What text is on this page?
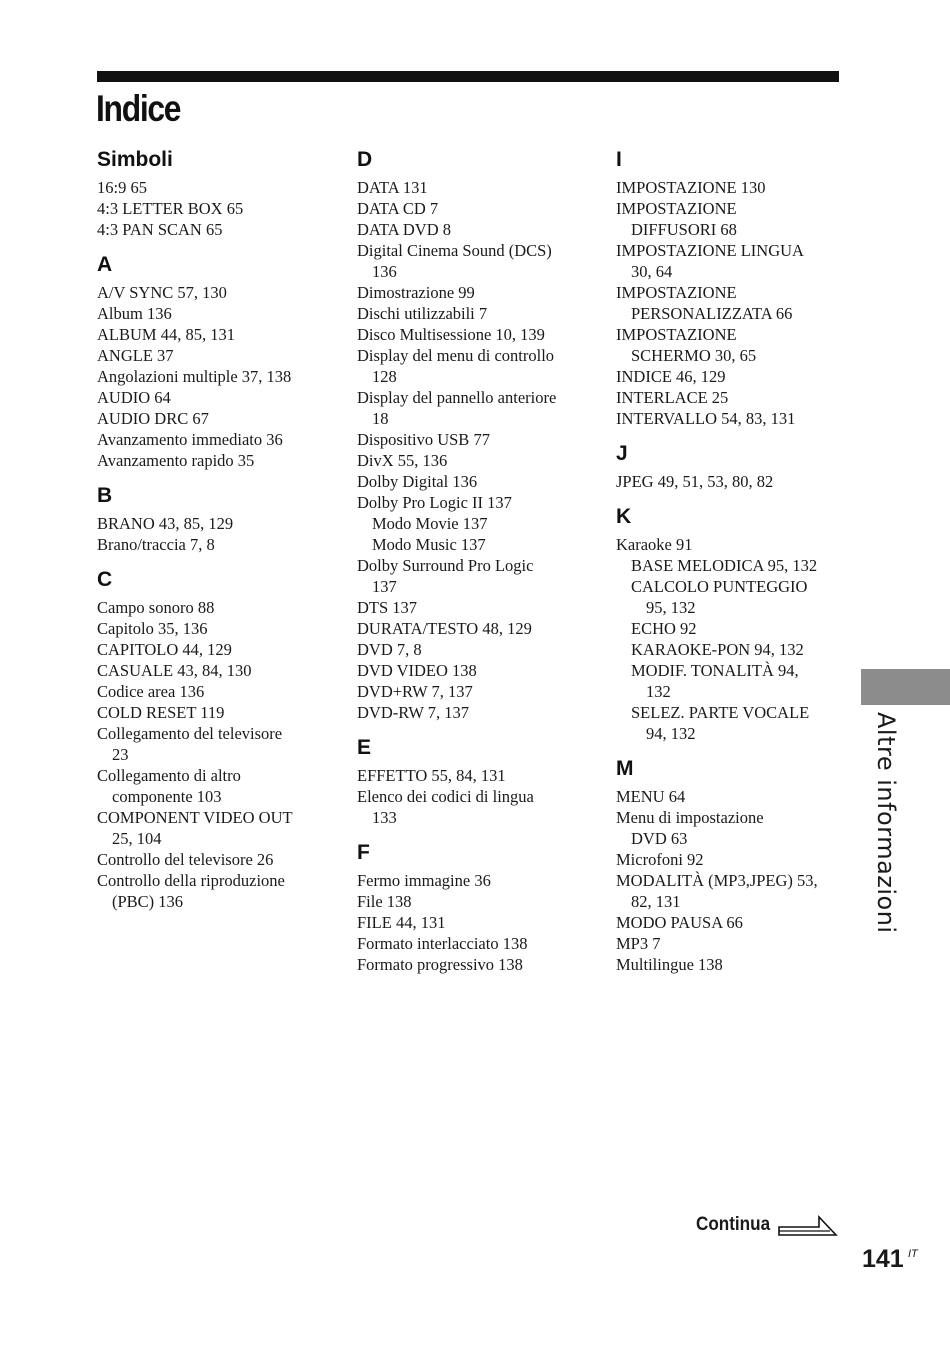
Indice
Simboli
16:9 65
4:3 LETTER BOX 65
4:3 PAN SCAN 65
A
A/V SYNC 57, 130
Album 136
ALBUM 44, 85, 131
ANGLE 37
Angolazioni multiple 37, 138
AUDIO 64
AUDIO DRC 67
Avanzamento immediato 36
Avanzamento rapido 35
B
BRANO 43, 85, 129
Brano/traccia 7, 8
C
Campo sonoro 88
Capitolo 35, 136
CAPITOLO 44, 129
CASUALE 43, 84, 130
Codice area 136
COLD RESET 119
Collegamento del televisore
23
Collegamento di altro
componente 103
COMPONENT VIDEO OUT
25, 104
Controllo del televisore 26
Controllo della riproduzione
(PBC) 136
D
DATA 131
DATA CD 7
DATA DVD 8
Digital Cinema Sound (DCS)
136
Dimostrazione 99
Dischi utilizzabili 7
Disco Multisessione 10, 139
Display del menu di controllo
128
Display del pannello anteriore
18
Dispositivo USB 77
DivX 55, 136
Dolby Digital 136
Dolby Pro Logic II 137
Modo Movie 137
Modo Music 137
Dolby Surround Pro Logic
137
DTS 137
DURATA/TESTO 48, 129
DVD 7, 8
DVD VIDEO 138
DVD+RW 7, 137
DVD-RW 7, 137
E
EFFETTO 55, 84, 131
Elenco dei codici di lingua
133
F
Fermo immagine 36
File 138
FILE 44, 131
Formato interlacciato 138
Formato progressivo 138
I
IMPOSTAZIONE 130
IMPOSTAZIONE
DIFFUSORI 68
IMPOSTAZIONE LINGUA
30, 64
IMPOSTAZIONE
PERSONALIZZATA 66
IMPOSTAZIONE
SCHERMO 30, 65
INDICE 46, 129
INTERLACE 25
INTERVALLO 54, 83, 131
J
JPEG 49, 51, 53, 80, 82
K
Karaoke 91
BASE MELODICA 95, 132
CALCOLO PUNTEGGIO
95, 132
ECHO 92
KARAOKE-PON 94, 132
MODIF. TONALITÀ 94,
132
SELEZ. PARTE VOCALE
94, 132
M
MENU 64
Menu di impostazione
DVD 63
Microfoni 92
MODALITÀ (MP3,JPEG) 53,
82, 131
MODO PAUSA 66
MP3 7
Multilingue 138
Altre informazioni
Continua
141 IT
